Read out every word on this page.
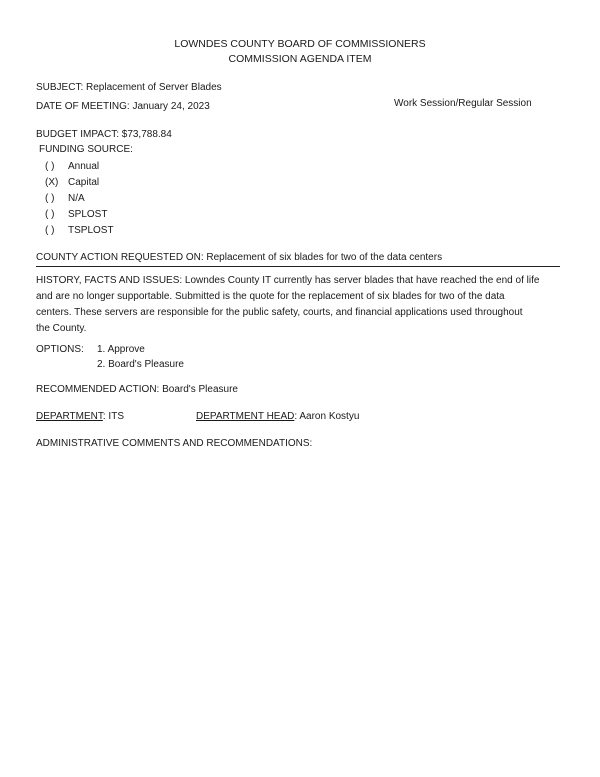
LOWNDES COUNTY BOARD OF COMMISSIONERS
COMMISSION AGENDA ITEM
SUBJECT: Replacement of Server Blades
DATE OF MEETING: January 24, 2023	Work Session/Regular Session
BUDGET IMPACT: $73,788.84
FUNDING SOURCE:
( ) Annual
(X) Capital
( ) N/A
( ) SPLOST
( ) TSPLOST
COUNTY ACTION REQUESTED ON: Replacement of six blades for two of the data centers
HISTORY, FACTS AND ISSUES: Lowndes County IT currently has server blades that have reached the end of life
and are no longer supportable. Submitted is the quote for the replacement of six blades for two of the data
centers. These servers are responsible for the public safety, courts, and financial applications used throughout
the County.
OPTIONS: 1. Approve
2. Board's Pleasure
RECOMMENDED ACTION: Board's Pleasure
DEPARTMENT: ITS	DEPARTMENT HEAD: Aaron Kostyu
ADMINISTRATIVE COMMENTS AND RECOMMENDATIONS:
